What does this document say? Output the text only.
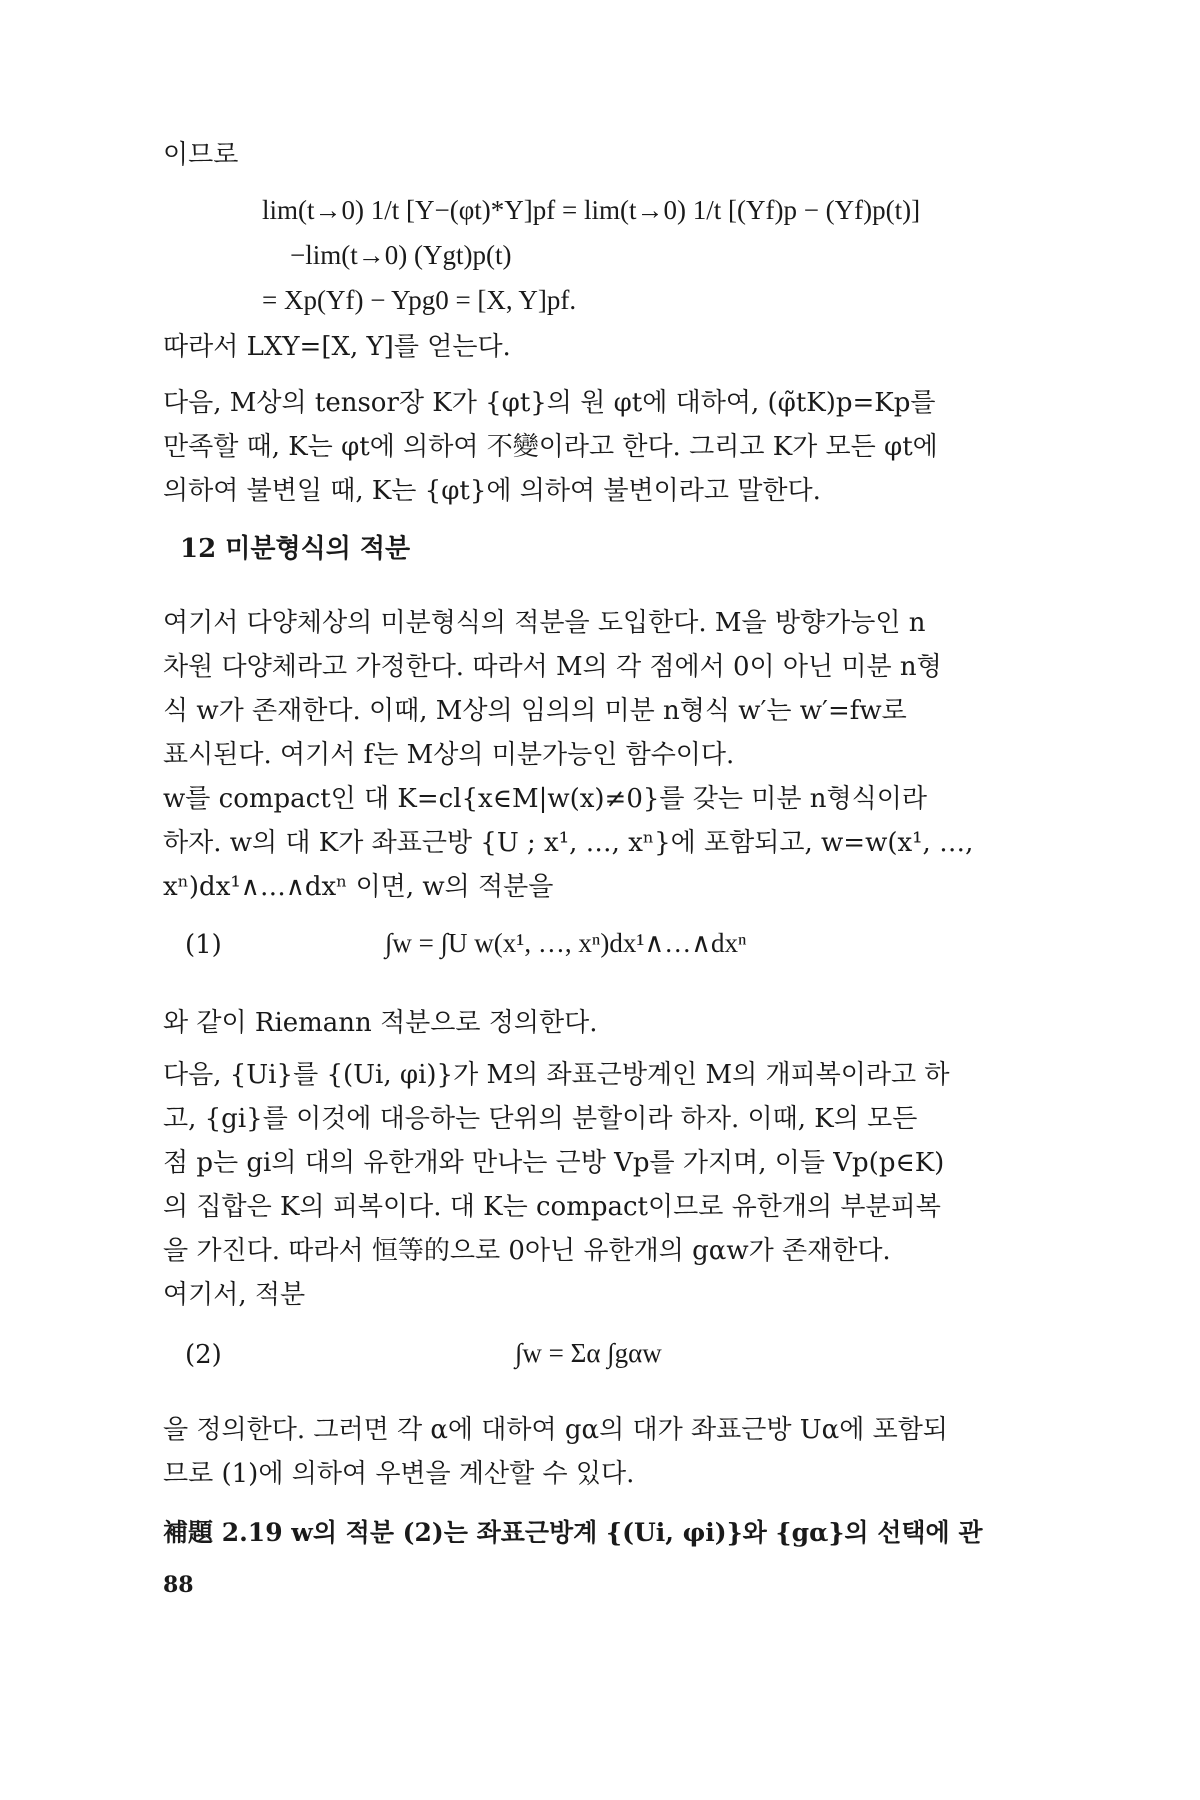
이므로
lim(t→0) 1/t [Y−(φt)*Y]pf = lim(t→0) 1/t [(Yf)p − (Yf)p(t)]
−lim(t→0) (Ygt)p(t)
= Xp(Yf) − Ypg0 = [X, Y]pf.
따라서 LXY=[X, Y]를 얻는다.
다음, M상의 tensor장 K가 {φt}의 원 φt에 대하여, (φ̃tK)p=Kp를
만족할 때, K는 φt에 의하여 不變이라고 한다. 그리고 K가 모든 φt에
의하여 불변일 때, K는 {φt}에 의하여 불변이라고 말한다.
12 미분형식의 적분
여기서 다양체상의 미분형식의 적분을 도입한다. M을 방향가능인 n
차원 다양체라고 가정한다. 따라서 M의 각 점에서 0이 아닌 미분 n형
식 w가 존재한다. 이때, M상의 임의의 미분 n형식 w′는 w′=fw로
표시된다. 여기서 f는 M상의 미분가능인 함수이다.
w를 compact인 대 K=cl{x∈M|w(x)≠0}를 갖는 미분 n형식이라
하자. w의 대 K가 좌표근방 {U ; x¹, …, xⁿ}에 포함되고, w=w(x¹, …,
xⁿ)dx¹∧…∧dxⁿ 이면, w의 적분을
(1)	∫w = ∫U w(x¹, …, xⁿ)dx¹∧…∧dxⁿ
와 같이 Riemann 적분으로 정의한다.
다음, {Ui}를 {(Ui, φi)}가 M의 좌표근방계인 M의 개피복이라고 하
고, {gi}를 이것에 대응하는 단위의 분할이라 하자. 이때, K의 모든
점 p는 gi의 대의 유한개와 만나는 근방 Vp를 가지며, 이들 Vp(p∈K)
의 집합은 K의 피복이다. 대 K는 compact이므로 유한개의 부분피복
을 가진다. 따라서 恒等的으로 0아닌 유한개의 gαw가 존재한다.
여기서, 적분
(2)	∫w = Σα ∫gαw
을 정의한다. 그러면 각 α에 대하여 gα의 대가 좌표근방 Uα에 포함되
므로 (1)에 의하여 우변을 계산할 수 있다.
補題 2.19 w의 적분 (2)는 좌표근방계 {(Ui, φi)}와 {gα}의 선택에 관
88
